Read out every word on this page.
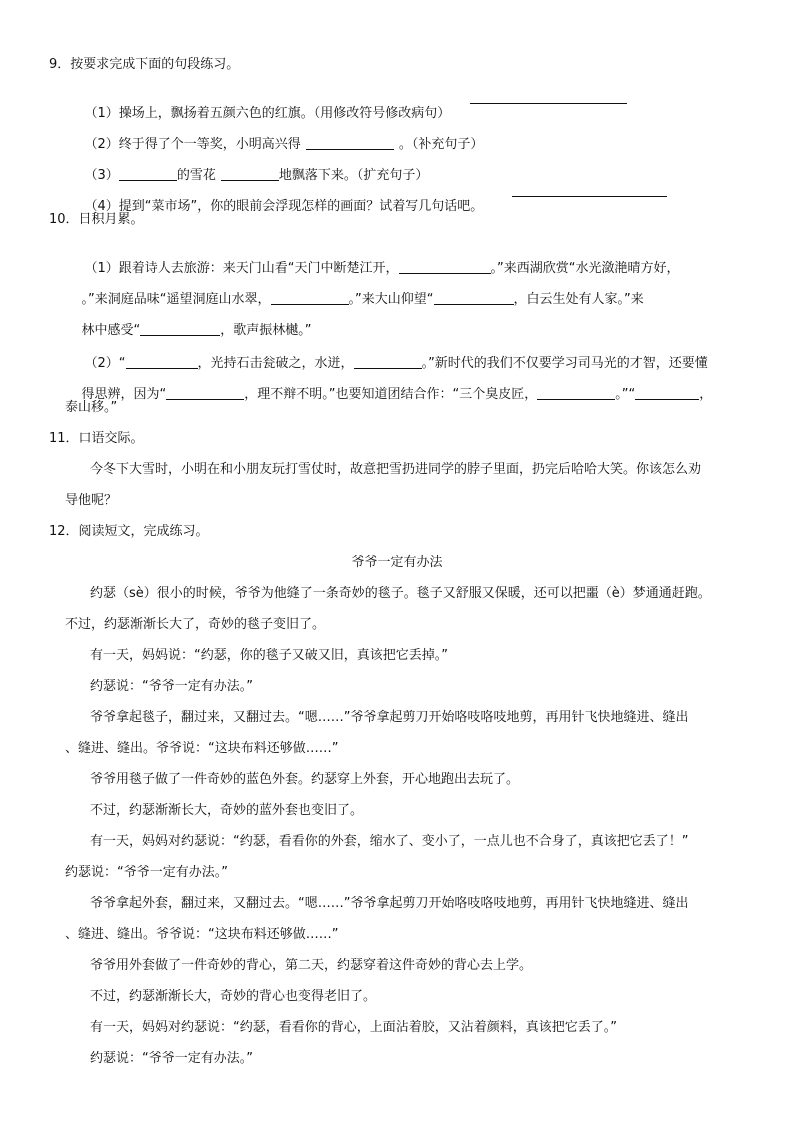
9．按要求完成下面的句段练习。

（1）操场上，飘扬着五颜六色的红旗。（用修改符号修改病句）

（2）终于得了个一等奖，小明高兴得	。（补充句子）

（3）	的雪花	地飘落下来。（扩充句子）

（4）提到“菜市场”，你的眼前会浮现怎样的画面？试着写几句话吧。

10．日积月累。

（1）跟着诗人去旅游：来天门山看“天门中断楚江开，	。”来西湖欣赏“水光潋滟晴方好，

。”来洞庭品味“遥望洞庭山水翠，	。”来大山仰望“	，白云生处有人家。”来

林中感受“	，歌声振林樾。”

（2）“	，光持石击瓮破之，水迸，	。”新时代的我们不仅要学习司马光的才智，还要懂

得思辨，因为“	，理不辩不明。”也要知道团结合作：“三个臭皮匠，	。”“	，

泰山移。”
11．口语交际。
今冬下大雪时，小明在和小朋友玩打雪仗时，故意把雪扔进同学的脖子里面，扔完后哈哈大笑。你该怎么劝
导他呢？
12．阅读短文，完成练习。
爷爷一定有办法
约瑟（sè）很小的时候，爷爷为他缝了一条奇妙的毯子。毯子又舒服又保暖，还可以把噩（è）梦通通赶跑。
不过，约瑟渐渐长大了，奇妙的毯子变旧了。
有一天，妈妈说：“约瑟，你的毯子又破又旧，真该把它丢掉。”
约瑟说：“爷爷一定有办法。”
爷爷拿起毯子，翻过来，又翻过去。“嗯……”爷爷拿起剪刀开始咯吱咯吱地剪，再用针飞快地缝进、缝出
、缝进、缝出。爷爷说：“这块布料还够做……”
爷爷用毯子做了一件奇妙的蓝色外套。约瑟穿上外套，开心地跑出去玩了。
不过，约瑟渐渐长大，奇妙的蓝外套也变旧了。
有一天，妈妈对约瑟说：“约瑟，看看你的外套，缩水了、变小了，一点儿也不合身了，真该把它丢了！”
约瑟说：“爷爷一定有办法。”
爷爷拿起外套，翻过来，又翻过去。“嗯……”爷爷拿起剪刀开始咯吱咯吱地剪，再用针飞快地缝进、缝出
、缝进、缝出。爷爷说：“这块布料还够做……”
爷爷用外套做了一件奇妙的背心，第二天，约瑟穿着这件奇妙的背心去上学。
不过，约瑟渐渐长大，奇妙的背心也变得老旧了。
有一天，妈妈对约瑟说：“约瑟，看看你的背心，上面沾着胶，又沾着颜料，真该把它丢了。”
约瑟说：“爷爷一定有办法。”
